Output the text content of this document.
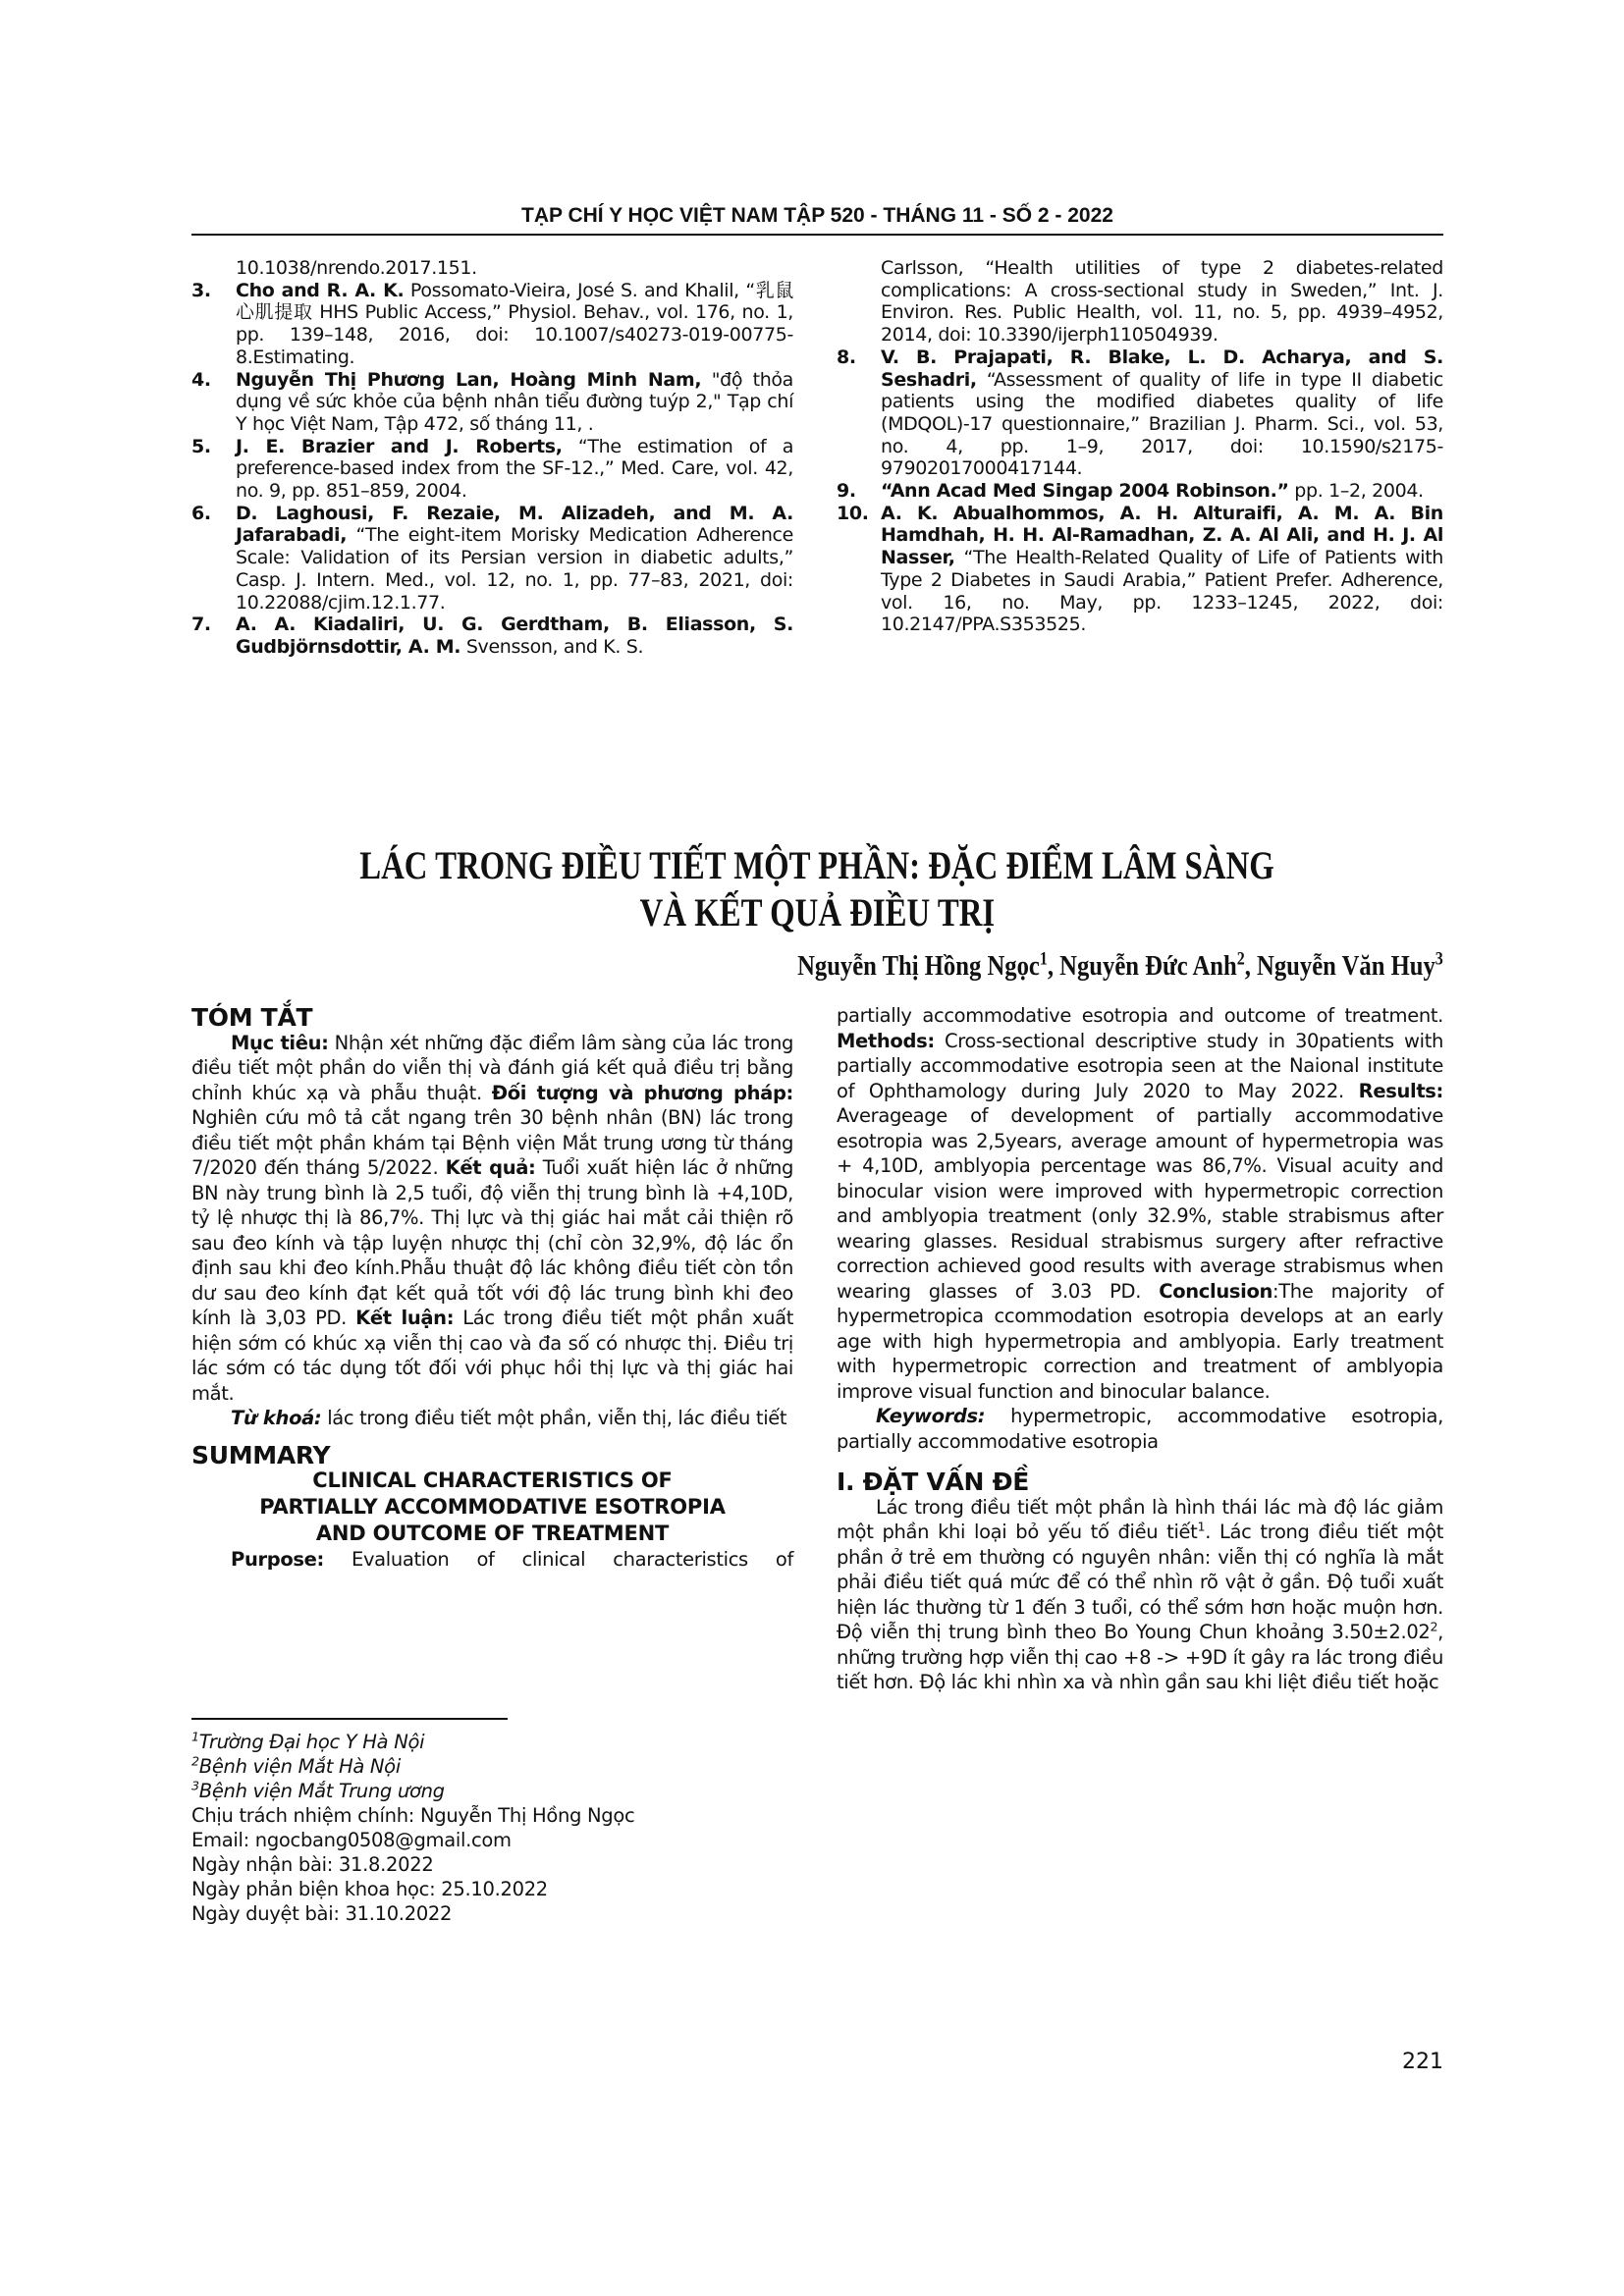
TẠP CHÍ Y HỌC VIỆT NAM TẬP 520 - THÁNG 11 - SỐ 2 - 2022

10.1038/nrendo.2017.151.

3. Cho and R. A. K. Possomato-Vieira, José S. and Khalil, “乳鼠心肌提取 HHS Public Access,” Physiol. Behav., vol. 176, no. 1, pp. 139–148, 2016, doi: 10.1007/s40273-019-00775-8.Estimating.

4. Nguyễn Thị Phương Lan, Hoàng Minh Nam, "độ thỏa dụng về sức khỏe của bệnh nhân tiểu đường tuýp 2," Tạp chí Y học Việt Nam, Tập 472, số tháng 11, .

5. J. E. Brazier and J. Roberts, “The estimation of a preference-based index from the SF-12.,” Med. Care, vol. 42, no. 9, pp. 851–859, 2004.

6. D. Laghousi, F. Rezaie, M. Alizadeh, and M. A. Jafarabadi, “The eight-item Morisky Medication Adherence Scale: Validation of its Persian version in diabetic adults,” Casp. J. Intern. Med., vol. 12, no. 1, pp. 77–83, 2021, doi: 10.22088/cjim.12.1.77.

7. A. A. Kiadaliri, U. G. Gerdtham, B. Eliasson, S. Gudbjörnsdottir, A. M. Svensson, and K. S.

Carlsson, “Health utilities of type 2 diabetes-related complications: A cross-sectional study in Sweden,” Int. J. Environ. Res. Public Health, vol. 11, no. 5, pp. 4939–4952, 2014, doi: 10.3390/ijerph110504939.

8. V. B. Prajapati, R. Blake, L. D. Acharya, and S. Seshadri, “Assessment of quality of life in type II diabetic patients using the modified diabetes quality of life (MDQOL)-17 questionnaire,” Brazilian J. Pharm. Sci., vol. 53, no. 4, pp. 1–9, 2017, doi: 10.1590/s2175-97902017000417144.

9. “Ann Acad Med Singap 2004 Robinson.” pp. 1–2, 2004.

10. A. K. Abualhommos, A. H. Alturaifi, A. M. A. Bin Hamdhah, H. H. Al-Ramadhan, Z. A. Al Ali, and H. J. Al Nasser, “The Health-Related Quality of Life of Patients with Type 2 Diabetes in Saudi Arabia,” Patient Prefer. Adherence, vol. 16, no. May, pp. 1233–1245, 2022, doi: 10.2147/PPA.S353525.

LÁC TRONG ĐIỀU TIẾT MỘT PHẦN: ĐẶC ĐIỂM LÂM SÀNG
VÀ KẾT QUẢ ĐIỀU TRỊ
Nguyễn Thị Hồng Ngọc$^1$, Nguyễn Đức Anh$^2$, Nguyễn Văn Huy$^3$
TÓM TẮT

Mục tiêu: Nhận xét những đặc điểm lâm sàng của lác trong điều tiết một phần do viễn thị và đánh giá kết quả điều trị bằng chỉnh khúc xạ và phẫu thuật. Đối tượng và phương pháp: Nghiên cứu mô tả cắt ngang trên 30 bệnh nhân (BN) lác trong điều tiết một phần khám tại Bệnh viện Mắt trung ương từ tháng 7/2020 đến tháng 5/2022. Kết quả: Tuổi xuất hiện lác ở những BN này trung bình là 2,5 tuổi, độ viễn thị trung bình là +4,10D, tỷ lệ nhược thị là 86,7%. Thị lực và thị giác hai mắt cải thiện rõ sau đeo kính và tập luyện nhược thị (chỉ còn 32,9%, độ lác ổn định sau khi đeo kính.Phẫu thuật độ lác không điều tiết còn tồn dư sau đeo kính đạt kết quả tốt với độ lác trung bình khi đeo kính là 3,03 PD. Kết luận: Lác trong điều tiết một phần xuất hiện sớm có khúc xạ viễn thị cao và đa số có nhược thị. Điều trị lác sớm có tác dụng tốt đối với phục hồi thị lực và thị giác hai mắt.

Từ khoá: lác trong điều tiết một phần, viễn thị, lác điều tiết

SUMMARY
CLINICAL CHARACTERISTICS OF
PARTIALLY ACCOMMODATIVE ESOTROPIA
AND OUTCOME OF TREATMENT

Purpose: Evaluation of clinical characteristics of

$^1$Trường Đại học Y Hà Nội
$^2$Bệnh viện Mắt Hà Nội
$^3$Bệnh viện Mắt Trung ương
Chịu trách nhiệm chính: Nguyễn Thị Hồng Ngọc
Email: ngocbang0508@gmail.com
Ngày nhận bài: 31.8.2022
Ngày phản biện khoa học: 25.10.2022
Ngày duyệt bài: 31.10.2022

partially accommodative esotropia and outcome of treatment. Methods: Cross-sectional descriptive study in 30patients with partially accommodative esotropia seen at the Naional institute of Ophthamology during July 2020 to May 2022. Results: Averageage of development of partially accommodative esotropia was 2,5years, average amount of hypermetropia was + 4,10D, amblyopia percentage was 86,7%. Visual acuity and binocular vision were improved with hypermetropic correction and amblyopia treatment (only 32.9%, stable strabismus after wearing glasses. Residual strabismus surgery after refractive correction achieved good results with average strabismus when wearing glasses of 3.03 PD. Conclusion:The majority of hypermetropica ccommodation esotropia develops at an early age with high hypermetropia and amblyopia. Early treatment with hypermetropic correction and treatment of amblyopia improve visual function and binocular balance.

Keywords: hypermetropic, accommodative esotropia, partially accommodative esotropia

I. ĐẶT VẤN ĐỀ

Lác trong điều tiết một phần là hình thái lác mà độ lác giảm một phần khi loại bỏ yếu tố điều tiết$^1$. Lác trong điều tiết một phần ở trẻ em thường có nguyên nhân: viễn thị có nghĩa là mắt phải điều tiết quá mức để có thể nhìn rõ vật ở gần. Độ tuổi xuất hiện lác thường từ 1 đến 3 tuổi, có thể sớm hơn hoặc muộn hơn. Độ viễn thị trung bình theo Bo Young Chun khoảng $3.50\pm 2.02^2$, những trường hợp viễn thị cao +8 -> +9D ít gây ra lác trong điều tiết hơn. Độ lác khi nhìn xa và nhìn gần sau khi liệt điều tiết hoặc

221
